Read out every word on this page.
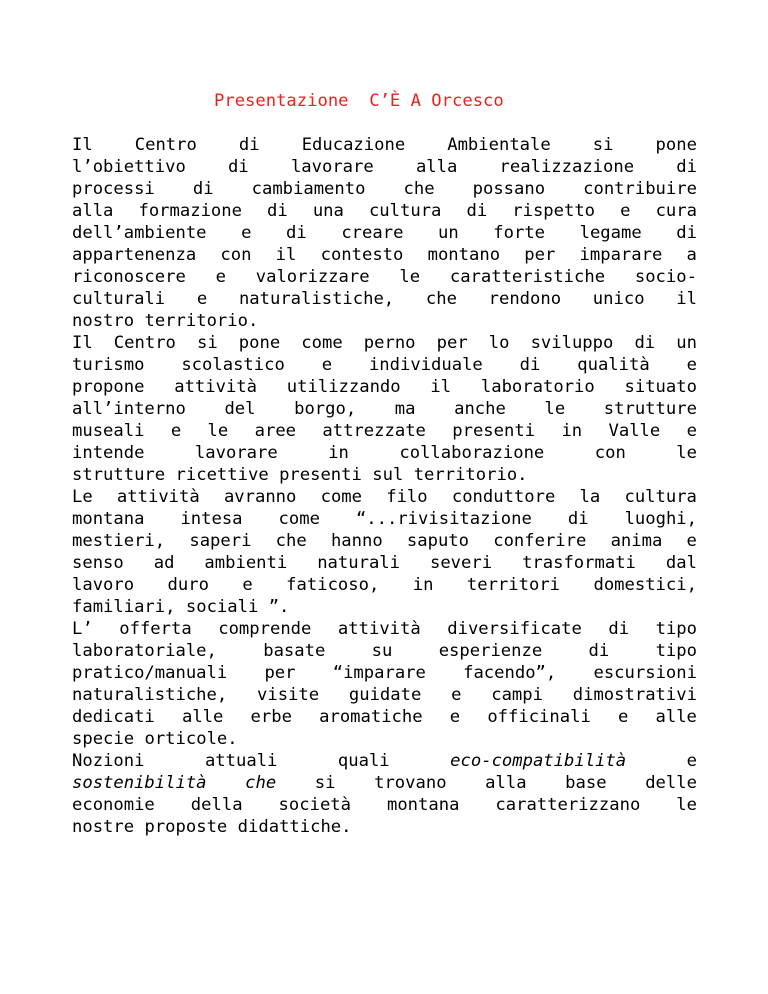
Presentazione  C’È A Orcesco
Il Centro di Educazione Ambientale si pone
l’obiettivo di lavorare alla realizzazione di
processi di cambiamento che possano contribuire
alla formazione di una cultura di rispetto e cura
dell’ambiente e di creare un forte legame di
appartenenza con il contesto montano per imparare a
riconoscere e valorizzare le caratteristiche socio-
culturali e naturalistiche, che rendono unico il
nostro territorio.
Il Centro si pone come perno per lo sviluppo di un
turismo scolastico e individuale di qualità e
propone attività utilizzando il laboratorio situato
all’interno del borgo, ma anche le strutture
museali e le aree attrezzate presenti in Valle e
intende	lavorare	in	collaborazione	con	le
strutture ricettive presenti sul territorio.
Le attività avranno come filo conduttore la cultura
montana intesa come “...rivisitazione di luoghi,
mestieri, saperi che hanno saputo conferire anima e
senso ad ambienti naturali severi trasformati dal
lavoro duro e faticoso, in territori domestici,
familiari, sociali ”.
L’ offerta comprende attività diversificate di tipo
laboratoriale,	basate	su	esperienze	di	tipo
pratico/manuali per “imparare facendo”, escursioni
naturalistiche, visite guidate e campi dimostrativi
dedicati alle erbe aromatiche e officinali e alle
specie orticole.
Nozioni	attuali	quali	eco-compatibilità	e
sostenibilità che si trovano alla base delle
economie della società montana caratterizzano le
nostre proposte didattiche.
